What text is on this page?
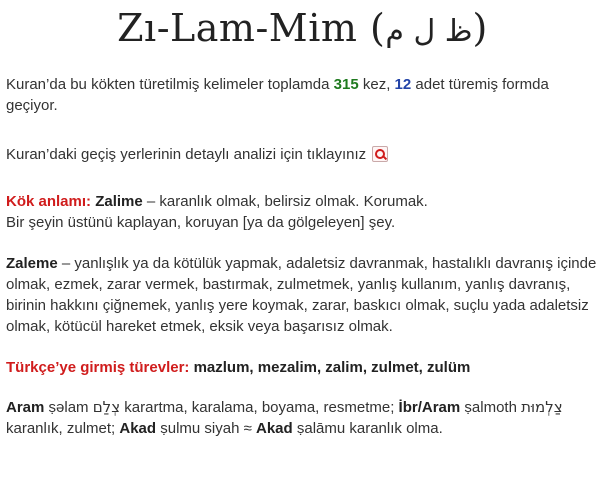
Zı-Lam-Mim (ظ ل م)

Kuran’da bu kökten türetilmiş kelimeler toplamda 315 kez, 12 adet türemiş formda geçiyor.

Kuran’daki geçiş yerlerinin detaylı analizi için tıklayınız

Kök anlamı: Zalime – karanlık olmak, belirsiz olmak. Korumak.
Bir şeyin üstünü kaplayan, koruyan [ya da gölgeleyen] şey.

Zaleme – yanlışlık ya da kötülük yapmak, adaletsiz davranmak, hastalıklı davranış içinde olmak, ezmek, zarar vermek, bastırmak, zulmetmek, yanlış kullanım, yanlış davranış, birinin hakkını çiğnemek, yanlış yere koymak, zarar, baskıcı olmak, suçlu yada adaletsiz olmak, kötücül hareket etmek, eksik veya başarısız olmak.

Türkçe’ye girmiş türevler: mazlum, mezalim, zalim, zulmet, zulüm

Aram ṣəlam צְלַם karartma, karalama, boyama, resmetme; İbr/Aram ṣalmoth צַלְמוּת karanlık, zulmet; Akad ṣulmu siyah ≈ Akad ṣalāmu karanlık olma.
